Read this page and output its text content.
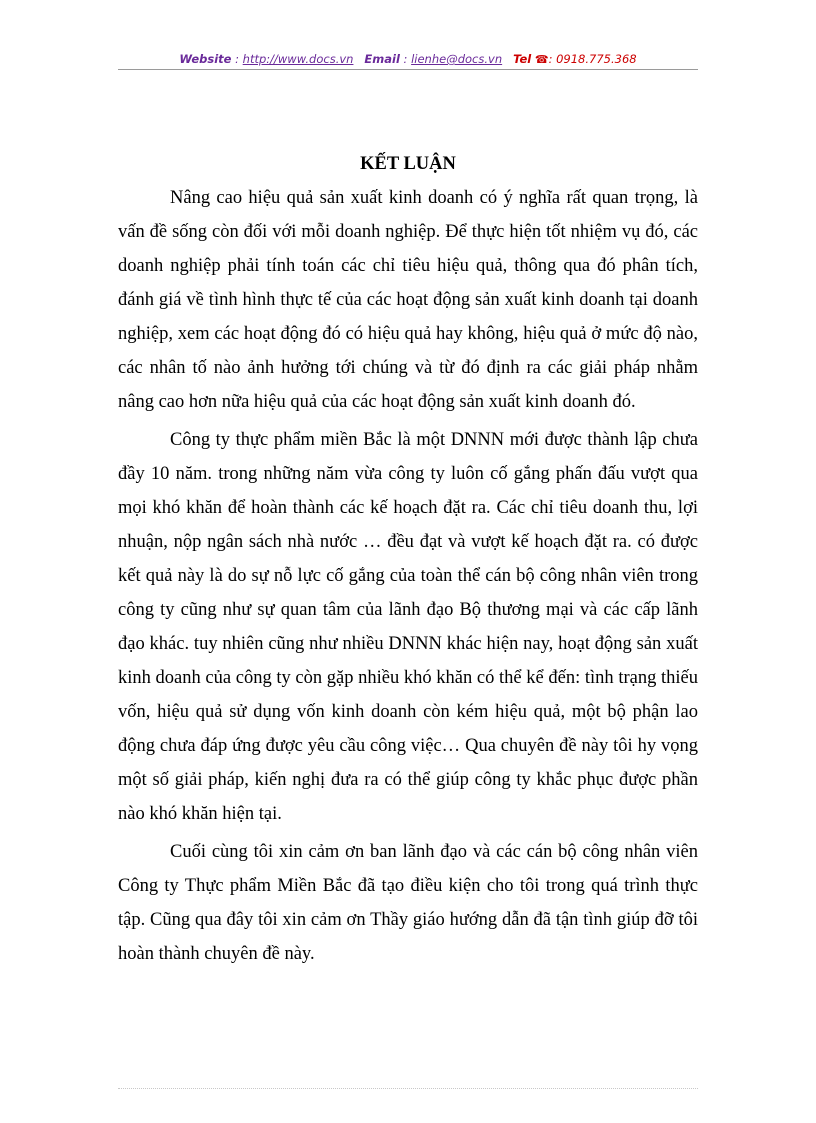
Website : http://www.docs.vn Email : lienhe@docs.vn Tel ☎: 0918.775.368
KẾT LUẬN

Nâng cao hiệu quả sản xuất kinh doanh có ý nghĩa rất quan trọng, là vấn đề sống còn đối với mỗi doanh nghiệp. Để thực hiện tốt nhiệm vụ đó, các doanh nghiệp phải tính toán các chỉ tiêu hiệu quả, thông qua đó phân tích, đánh giá về tình hình thực tế của các hoạt động sản xuất kinh doanh tại doanh nghiệp, xem các hoạt động đó có hiệu quả hay không, hiệu quả ở mức độ nào, các nhân tố nào ảnh hưởng tới chúng và từ đó định ra các giải pháp nhằm nâng cao hơn nữa hiệu quả của các hoạt động sản xuất kinh doanh đó.

Công ty thực phẩm miền Bắc là một DNNN mới được thành lập chưa đầy 10 năm. trong những năm vừa công ty luôn cố gắng phấn đấu vượt qua mọi khó khăn để hoàn thành các kế hoạch đặt ra. Các chỉ tiêu doanh thu, lợi nhuận, nộp ngân sách nhà nước … đều đạt và vượt kế hoạch đặt ra. có được kết quả này là do sự nỗ lực cố gắng của toàn thể cán bộ công nhân viên trong công ty cũng như sự quan tâm của lãnh đạo Bộ thương mại và các cấp lãnh đạo khác. tuy nhiên cũng như nhiều DNNN khác hiện nay, hoạt động sản xuất kinh doanh của công ty còn gặp nhiều khó khăn có thể kể đến: tình trạng thiếu vốn, hiệu quả sử dụng vốn kinh doanh còn kém hiệu quả, một bộ phận lao động chưa đáp ứng được yêu cầu công việc… Qua chuyên đề này tôi hy vọng một số giải pháp, kiến nghị đưa ra có thể giúp công ty khắc phục được phần nào khó khăn hiện tại.

Cuối cùng tôi xin cảm ơn ban lãnh đạo và các cán bộ công nhân viên Công ty Thực phẩm Miền Bắc đã tạo điều kiện cho tôi trong quá trình thực tập. Cũng qua đây tôi xin cảm ơn Thầy giáo hướng dẫn đã tận tình giúp đỡ tôi hoàn thành chuyên đề này.
